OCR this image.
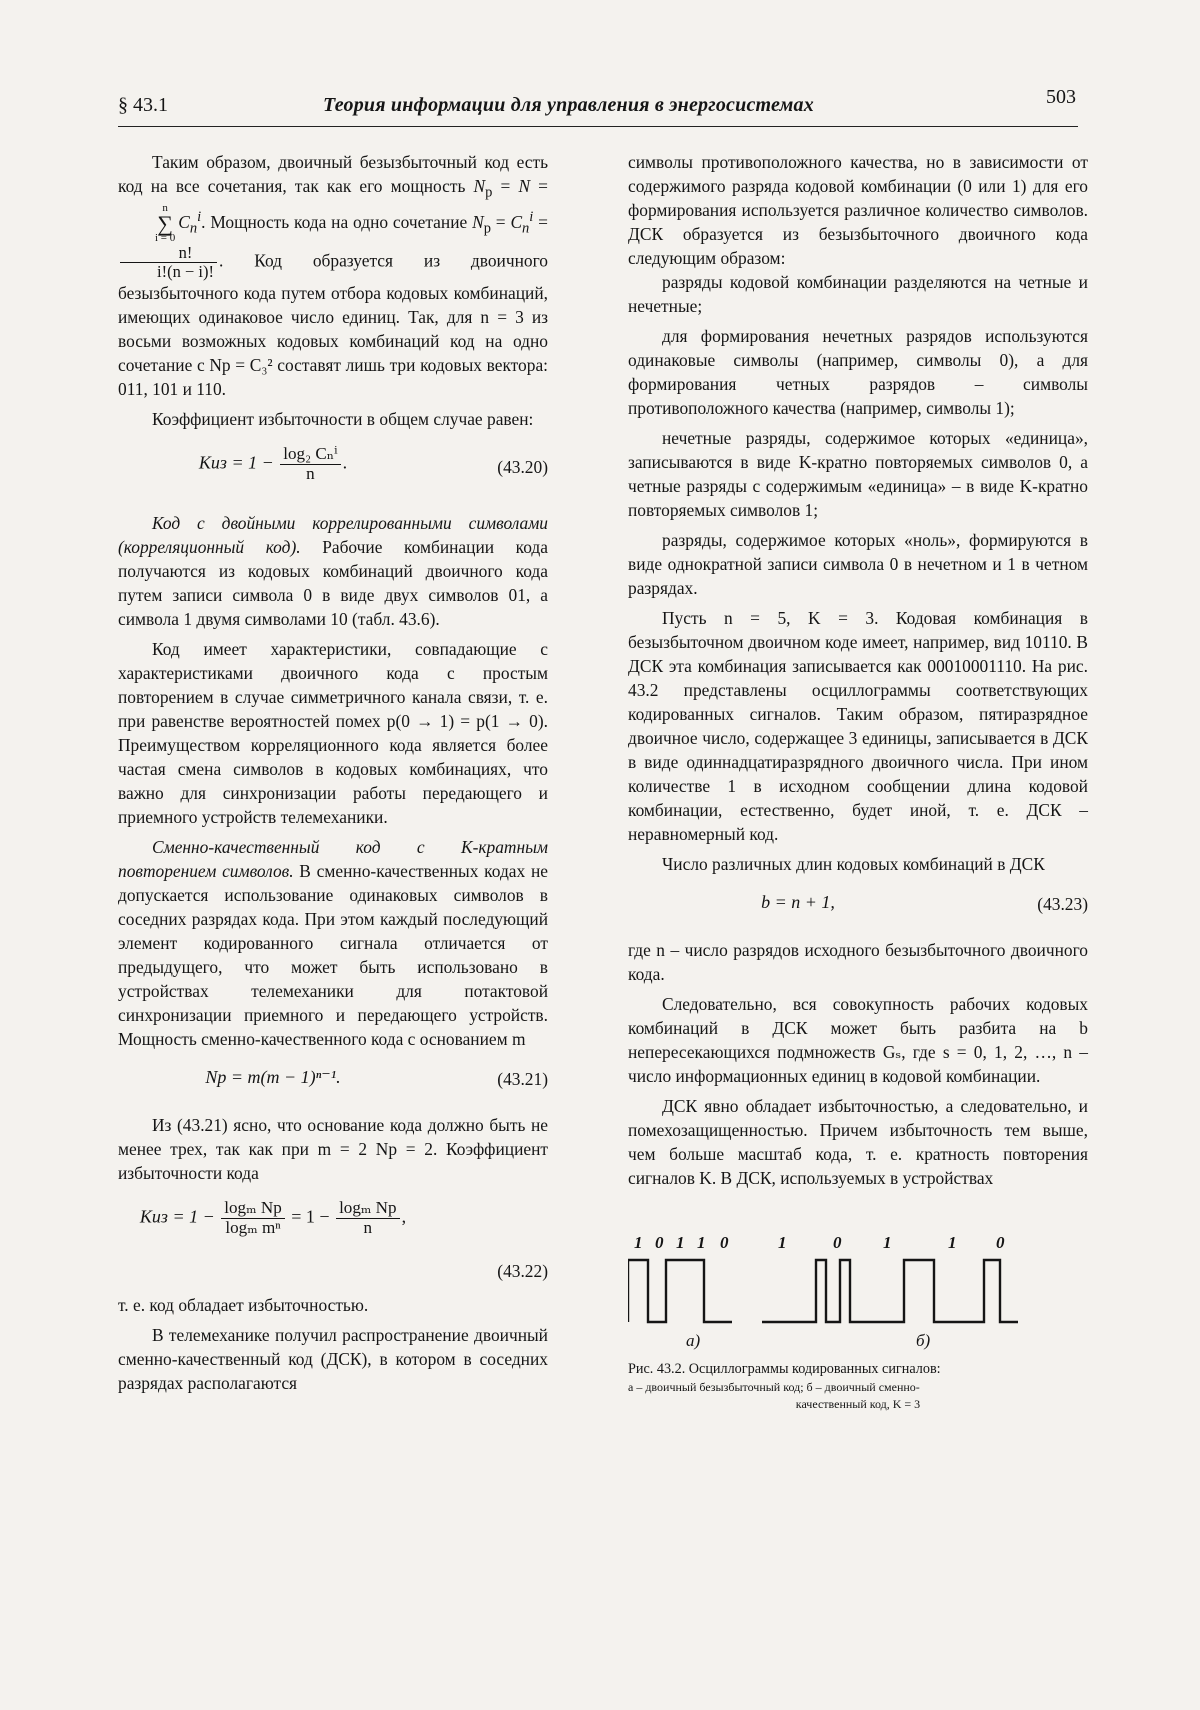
§ 43.1	Теория информации для управления в энергосистемах	503

Таким образом, двоичный безызбыточный код есть код на все сочетания, так как его мощность $N_p = N$ =
n
∑
i = 0
$C_n^i$. Мощность кода на одно сочетание $N_p = C_n^i$ =
$\frac{n!}{i!(n - i)!}$ . Код образуется из двоичного безызбыточного кода путем отбора кодовых комбинаций, имеющих одинаковое число единиц. Так, для n = 3 из восьми возможных кодовых комбинаций код на одно сочетание с Np = C₃² составят лишь три кодовых вектора: 011, 101 и 110.

Коэффициент избыточности в общем случае равен:

Kиз = $1 - \frac{\text{log₂ Cₙⁱ}}{n}$ .	(43.20)

Код с двойными коррелированными символами (корреляционный код). Рабочие комбинации кода получаются из кодовых комбинаций двоичного кода путем записи символа 0 в виде двух символов 01, а символа 1 двумя символами 10 (табл. 43.6).

Код имеет характеристики, совпадающие с характеристиками двоичного кода с простым повторением в случае симметричного канала связи, т. е. при равенстве вероятностей помех p(0 → 1) = p(1 → 0). Преимуществом корреляционного кода является более частая смена символов в кодовых комбинациях, что важно для синхронизации работы передающего и приемного устройств телемеханики.

Сменно-качественный код с K-кратным повторением символов. В сменно-качественных кодах не допускается использование одинаковых символов в соседних разрядах кода. При этом каждый последующий элемент кодированного сигнала отличается от предыдущего, что может быть использовано в устройствах телемеханики для потактовой синхронизации приемного и передающего устройств. Мощность сменно-качественного кода с основанием m

Np = m(m − 1)ⁿ⁻¹.	(43.21)

Из (43.21) ясно, что основание кода должно быть не менее трех, так как при m = 2 Np = 2. Коэффициент избыточности кода

Kиз = $1 - \frac{\text{logₘ Np}}{\text{logₘ mⁿ}} = 1 - \frac{\text{logₘ Np}}{n}$ ,
(43.22)

т. е. код обладает избыточностью.

В телемеханике получил распространение двоичный сменно-качественный код (ДСК), в котором в соседних разрядах располагаются

символы противоположного качества, но в зависимости от содержимого разряда кодовой комбинации (0 или 1) для его формирования используется различное количество символов. ДСК образуется из безызбыточного двоичного кода следующим образом:

разряды кодовой комбинации разделяются на четные и нечетные;

для формирования нечетных разрядов используются одинаковые символы (например, символы 0), а для формирования четных разрядов – символы противоположного качества (например, символы 1);

нечетные разряды, содержимое которых «единица», записываются в виде K-кратно повторяемых символов 0, а четные разряды с содержимым «единица» – в виде K-кратно повторяемых символов 1;

разряды, содержимое которых «ноль», формируются в виде однократной записи символа 0 в нечетном и 1 в четном разрядах.

Пусть n = 5, K = 3. Кодовая комбинация в безызбыточном двоичном коде имеет, например, вид 10110. В ДСК эта комбинация записывается как 00010001110. На рис. 43.2 представлены осциллограммы соответствующих кодированных сигналов. Таким образом, пятиразрядное двоичное число, содержащее 3 единицы, записывается в ДСК в виде одиннадцатиразрядного двоичного числа. При ином количестве 1 в исходном сообщении длина кодовой комбинации, естественно, будет иной, т. е. ДСК – неравномерный код.

Число различных длин кодовых комбинаций в ДСК

b = n + 1,	(43.23)

где n – число разрядов исходного безызбыточного двоичного кода.

Следовательно, вся совокупность рабочих кодовых комбинаций в ДСК может быть разбита на b непересекающихся подмножеств Gₛ, где s = 0, 1, 2, …, n – число информационных единиц в кодовой комбинации.

ДСК явно обладает избыточностью, а следовательно, и помехозащищенностью. Причем избыточность тем выше, чем больше масштаб кода, т. е. кратность повторения сигналов K. В ДСК, используемых в устройствах

1 0 1 1 0	1	0 1	1 0
а)	б)
Рис. 43.2. Осциллограммы кодированных сигналов:
а – двоичный безызбыточный код; б – двоичный сменно-
качественный код, K = 3
